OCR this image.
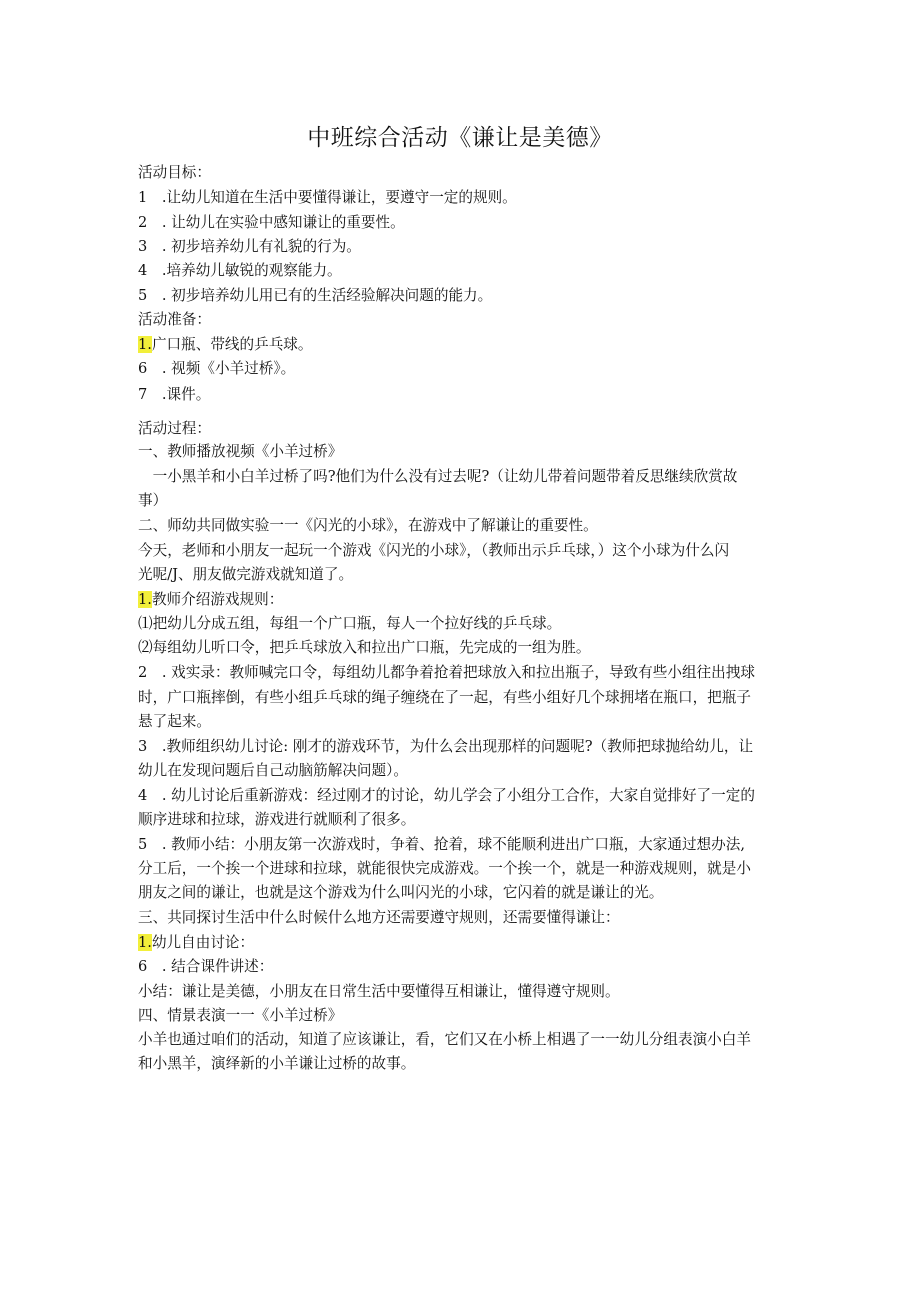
中班综合活动《谦让是美德》
活动目标：
1　.让幼儿知道在生活中要懂得谦让，要遵守一定的规则。
2　. 让幼儿在实验中感知谦让的重要性。
3　. 初步培养幼儿有礼貌的行为。
4　.培养幼儿敏锐的观察能力。
5　. 初步培养幼儿用已有的生活经验解决问题的能力。
活动准备：
1.广口瓶、带线的乒乓球。
6　. 视频《小羊过桥》。
7　.课件。
活动过程：
一、教师播放视频《小羊过桥》
　一小黑羊和小白羊过桥了吗?他们为什么没有过去呢?（让幼儿带着问题带着反思继续欣赏故
事）
二、师幼共同做实验一一《闪光的小球》，在游戏中了解谦让的重要性。
今天，老师和小朋友一起玩一个游戏《闪光的小球》，（教师出示乒乓球，）这个小球为什么闪
光呢/J、朋友做完游戏就知道了。
1.教师介绍游戏规则：
⑴把幼儿分成五组，每组一个广口瓶，每人一个拉好线的乒乓球。
⑵每组幼儿听口令，把乒乓球放入和拉出广口瓶，先完成的一组为胜。
2　. 戏实录：教师喊完口令，每组幼儿都争着抢着把球放入和拉出瓶子，导致有些小组往出拽球
时，广口瓶摔倒，有些小组乒乓球的绳子缠绕在了一起，有些小组好几个球拥堵在瓶口，把瓶子
悬了起来。
3　.教师组织幼儿讨论: 刚才的游戏环节，为什么会出现那样的问题呢?（教师把球抛给幼儿，让
幼儿在发现问题后自己动脑筋解决问题）。
4　. 幼儿讨论后重新游戏：经过刚才的讨论，幼儿学会了小组分工合作，大家自觉排好了一定的
顺序进球和拉球，游戏进行就顺利了很多。
5　. 教师小结：小朋友第一次游戏时，争着、抢着，球不能顺利进出广口瓶，大家通过想办法,
分工后，一个挨一个进球和拉球，就能很快完成游戏。一个挨一个，就是一种游戏规则，就是小
朋友之间的谦让，也就是这个游戏为什么叫闪光的小球，它闪着的就是谦让的光。
三、共同探讨生活中什么时候什么地方还需要遵守规则，还需要懂得谦让：
1.幼儿自由讨论：
6　. 结合课件讲述：
小结：谦让是美德，小朋友在日常生活中要懂得互相谦让，懂得遵守规则。
四、情景表演一一《小羊过桥》
小羊也通过咱们的活动，知道了应该谦让，看，它们又在小桥上相遇了一一幼儿分组表演小白羊
和小黑羊，演绎新的小羊谦让过桥的故事。
